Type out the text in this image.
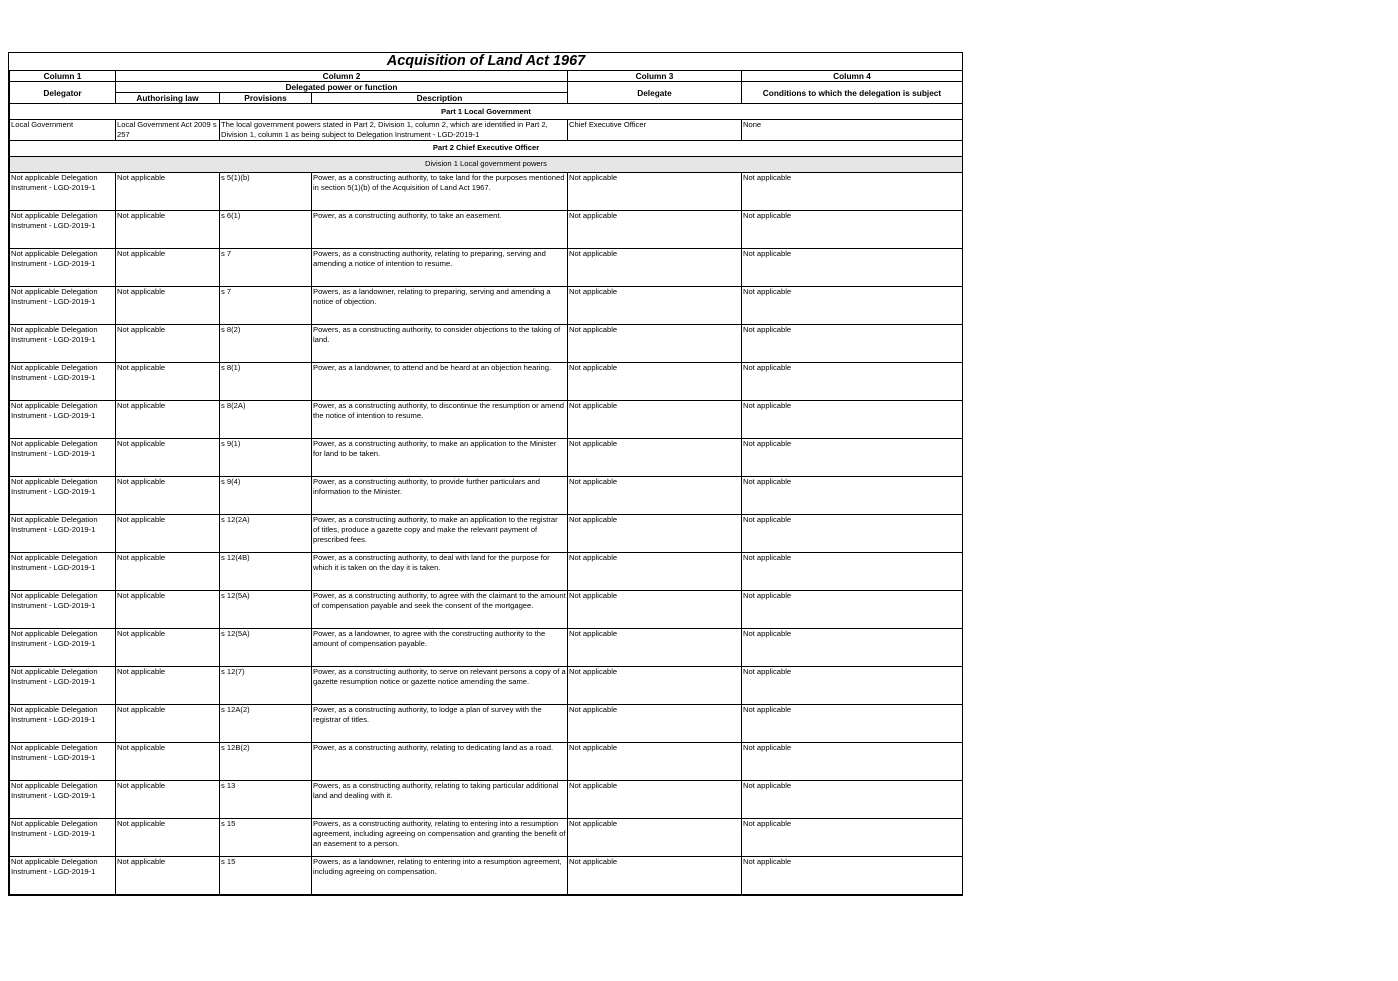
Acquisition of Land Act 1967					
Column 1	Column 2			Column 3	Column 4
Delegator	Delegated power or function			Delegate	Conditions to which the delegation is subject
	Authorising law	Provisions	Description		
Part 1 Local Government					
Local Government	Local Government Act 2009 s 257	The local government powers stated in Part 2, Division 1, column 2, which are identified in Part 2, Division 1, column 1 as being subject to Delegation Instrument - LGD-2019-1		Chief Executive Officer	None
Part 2 Chief Executive Officer					
Division 1 Local government powers					
Not applicable Delegation Instrument - LGD-2019-1	Not applicable	s 5(1)(b)	Power, as a constructing authority, to take land for the purposes mentioned in section 5(1)(b) of the Acquisition of Land Act 1967.	Not applicable	Not applicable
Not applicable Delegation Instrument - LGD-2019-1	Not applicable	s 6(1)	Power, as a constructing authority, to take an easement.	Not applicable	Not applicable
Not applicable Delegation Instrument - LGD-2019-1	Not applicable	s 7	Powers, as a constructing authority, relating to preparing, serving and amending a notice of intention to resume.	Not applicable	Not applicable
Not applicable Delegation Instrument - LGD-2019-1	Not applicable	s 7	Powers, as a landowner, relating to preparing, serving and amending a notice of objection.	Not applicable	Not applicable
Not applicable Delegation Instrument - LGD-2019-1	Not applicable	s 8(2)	Powers, as a constructing authority, to consider objections to the taking of land.	Not applicable	Not applicable
Not applicable Delegation Instrument - LGD-2019-1	Not applicable	s 8(1)	Power, as a landowner, to attend and be heard at an objection hearing.	Not applicable	Not applicable
Not applicable Delegation Instrument - LGD-2019-1	Not applicable	s 8(2A)	Power, as a constructing authority, to discontinue the resumption or amend the notice of intention to resume.	Not applicable	Not applicable
Not applicable Delegation Instrument - LGD-2019-1	Not applicable	s 9(1)	Power, as a constructing authority, to make an application to the Minister for land to be taken.	Not applicable	Not applicable
Not applicable Delegation Instrument - LGD-2019-1	Not applicable	s 9(4)	Power, as a constructing authority, to provide further particulars and information to the Minister.	Not applicable	Not applicable
Not applicable Delegation Instrument - LGD-2019-1	Not applicable	s 12(2A)	Power, as a constructing authority, to make an application to the registrar of titles, produce a gazette copy and make the relevant payment of prescribed fees.	Not applicable	Not applicable
Not applicable Delegation Instrument - LGD-2019-1	Not applicable	s 12(4B)	Power, as a constructing authority, to deal with land for the purpose for which it is taken on the day it is taken.	Not applicable	Not applicable
Not applicable Delegation Instrument - LGD-2019-1	Not applicable	s 12(5A)	Power, as a constructing authority, to agree with the claimant to the amount of compensation payable and seek the consent of the mortgagee.	Not applicable	Not applicable
Not applicable Delegation Instrument - LGD-2019-1	Not applicable	s 12(5A)	Power, as a landowner, to agree with the constructing authority to the amount of compensation payable.	Not applicable	Not applicable
Not applicable Delegation Instrument - LGD-2019-1	Not applicable	s 12(7)	Power, as a constructing authority, to serve on relevant persons a copy of a gazette resumption notice or gazette notice amending the same.	Not applicable	Not applicable
Not applicable Delegation Instrument - LGD-2019-1	Not applicable	s 12A(2)	Power, as a constructing authority, to lodge a plan of survey with the registrar of titles.	Not applicable	Not applicable
Not applicable Delegation Instrument - LGD-2019-1	Not applicable	s 12B(2)	Power, as a constructing authority, relating to dedicating land as a road.	Not applicable	Not applicable
Not applicable Delegation Instrument - LGD-2019-1	Not applicable	s 13	Powers, as a constructing authority, relating to taking particular additional land and dealing with it.	Not applicable	Not applicable
Not applicable Delegation Instrument - LGD-2019-1	Not applicable	s 15	Powers, as a constructing authority, relating to entering into a resumption agreement, including agreeing on compensation and granting the benefit of an easement to a person.	Not applicable	Not applicable
Not applicable Delegation Instrument - LGD-2019-1	Not applicable	s 15	Powers, as a landowner, relating to entering into a resumption agreement, including agreeing on compensation.	Not applicable	Not applicable
